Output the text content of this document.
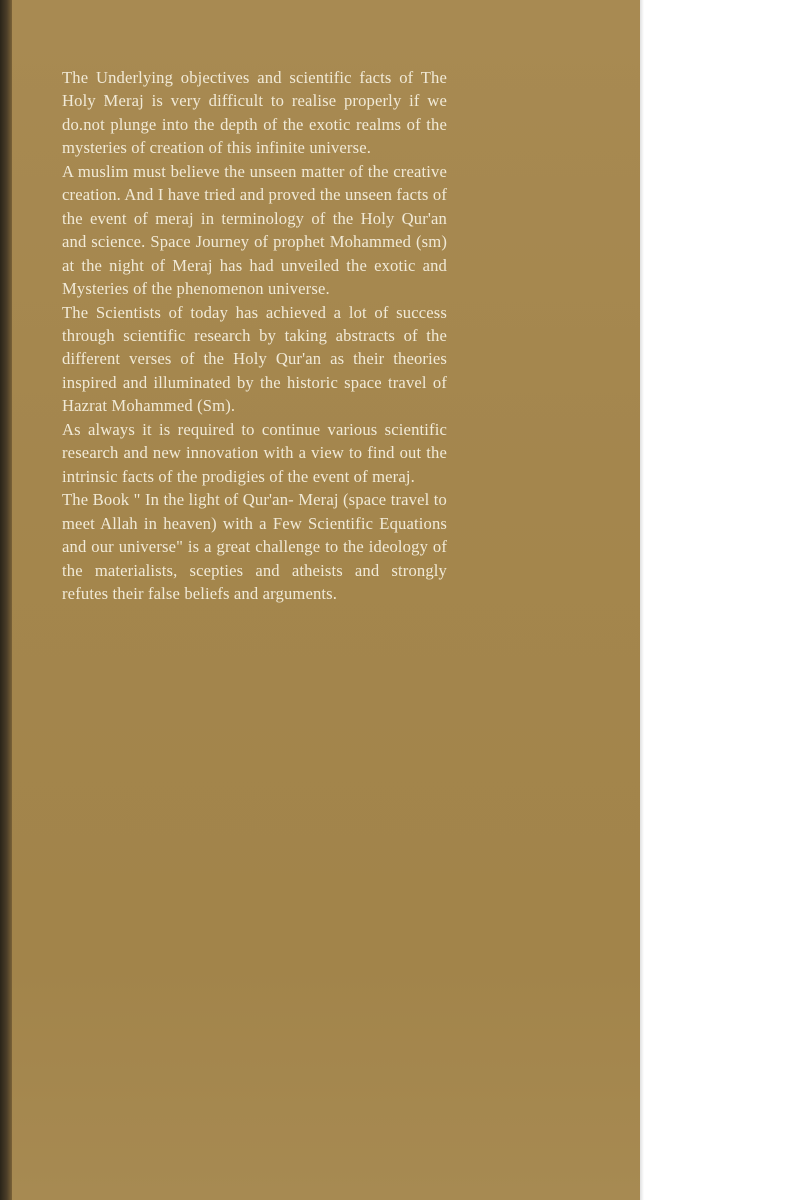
The Underlying objectives and scientific facts of The Holy Meraj is very difficult to realise properly if we do.not plunge into the depth of the exotic realms of the mysteries of creation of this infinite universe.

A muslim must believe the unseen matter of the creative creation. And I have tried and proved the unseen facts of the event of meraj in terminology of the Holy Qur'an and science. Space Journey of prophet Mohammed (sm) at the night of Meraj has had unveiled the exotic and Mysteries of the phenomenon universe.

The Scientists of today has achieved a lot of success through scientific research by taking abstracts of the different verses of the Holy Qur'an as their theories inspired and illuminated by the historic space travel of Hazrat Mohammed (Sm).

As always it is required to continue various scientific research and new innovation with a view to find out the intrinsic facts of the prodigies of the event of meraj.

The Book " In the light of Qur'an- Meraj (space travel to meet Allah in heaven) with a Few Scientific Equations and our universe" is a great challenge to the ideology of the materialists, scepties and atheists and strongly refutes their false beliefs and arguments.
